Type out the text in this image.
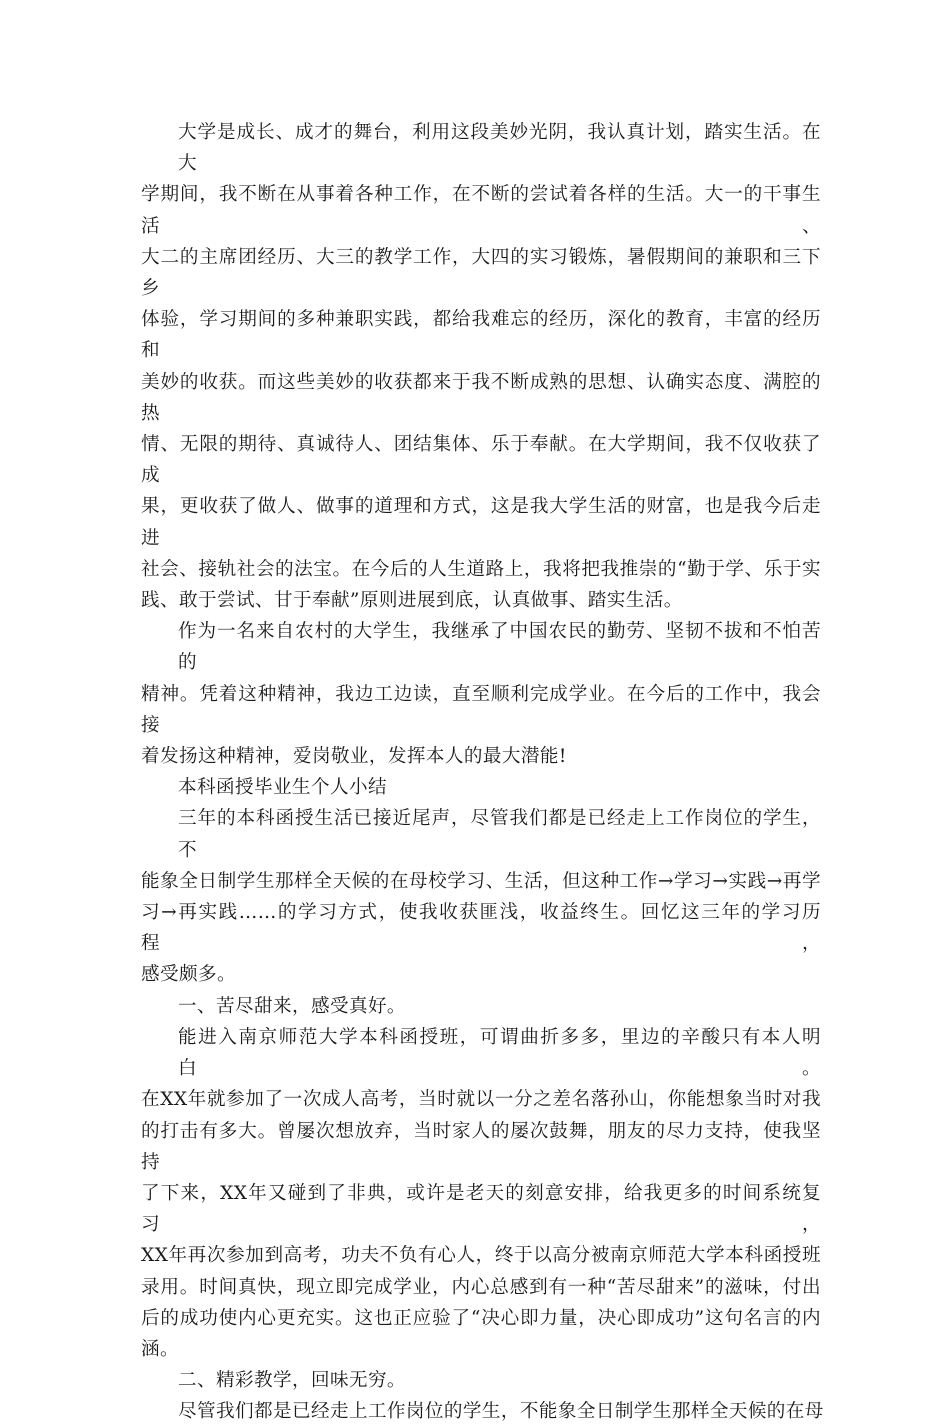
大学是成长、成才的舞台，利用这段美妙光阴，我认真计划，踏实生活。在大
学期间，我不断在从事着各种工作，在不断的尝试着各样的生活。大一的干事生活、
大二的主席团经历、大三的教学工作，大四的实习锻炼，暑假期间的兼职和三下乡
体验，学习期间的多种兼职实践，都给我难忘的经历，深化的教育，丰富的经历和
美妙的收获。而这些美妙的收获都来于我不断成熟的思想、认确实态度、满腔的热
情、无限的期待、真诚待人、团结集体、乐于奉献。在大学期间，我不仅收获了成
果，更收获了做人、做事的道理和方式，这是我大学生活的财富，也是我今后走进
社会、接轨社会的法宝。在今后的人生道路上，我将把我推崇的“勤于学、乐于实
践、敢于尝试、甘于奉献”原则进展到底，认真做事、踏实生活。
作为一名来自农村的大学生，我继承了中国农民的勤劳、坚韧不拔和不怕苦的
精神。凭着这种精神，我边工边读，直至顺利完成学业。在今后的工作中，我会接
着发扬这种精神，爱岗敬业，发挥本人的最大潜能!
本科函授毕业生个人小结
三年的本科函授生活已接近尾声，尽管我们都是已经走上工作岗位的学生，不
能象全日制学生那样全天候的在母校学习、生活，但这种工作→学习→实践→再学
习→再实践……的学习方式，使我收获匪浅，收益终生。回忆这三年的学习历程，
感受颇多。
一、苦尽甜来，感受真好。
能进入南京师范大学本科函授班，可谓曲折多多，里边的辛酸只有本人明白。
在XX年就参加了一次成人高考，当时就以一分之差名落孙山，你能想象当时对我
的打击有多大。曾屡次想放弃，当时家人的屡次鼓舞，朋友的尽力支持，使我坚持
了下来，XX年又碰到了非典，或许是老天的刻意安排，给我更多的时间系统复习，
XX年再次参加到高考，功夫不负有心人，终于以高分被南京师范大学本科函授班
录用。时间真快，现立即完成学业，内心总感到有一种“苦尽甜来”的滋味，付出
后的成功使内心更充实。这也正应验了“决心即力量，决心即成功”这句名言的内
涵。
二、精彩教学，回味无穷。
尽管我们都是已经走上工作岗位的学生，不能象全日制学生那样全天候的在母
